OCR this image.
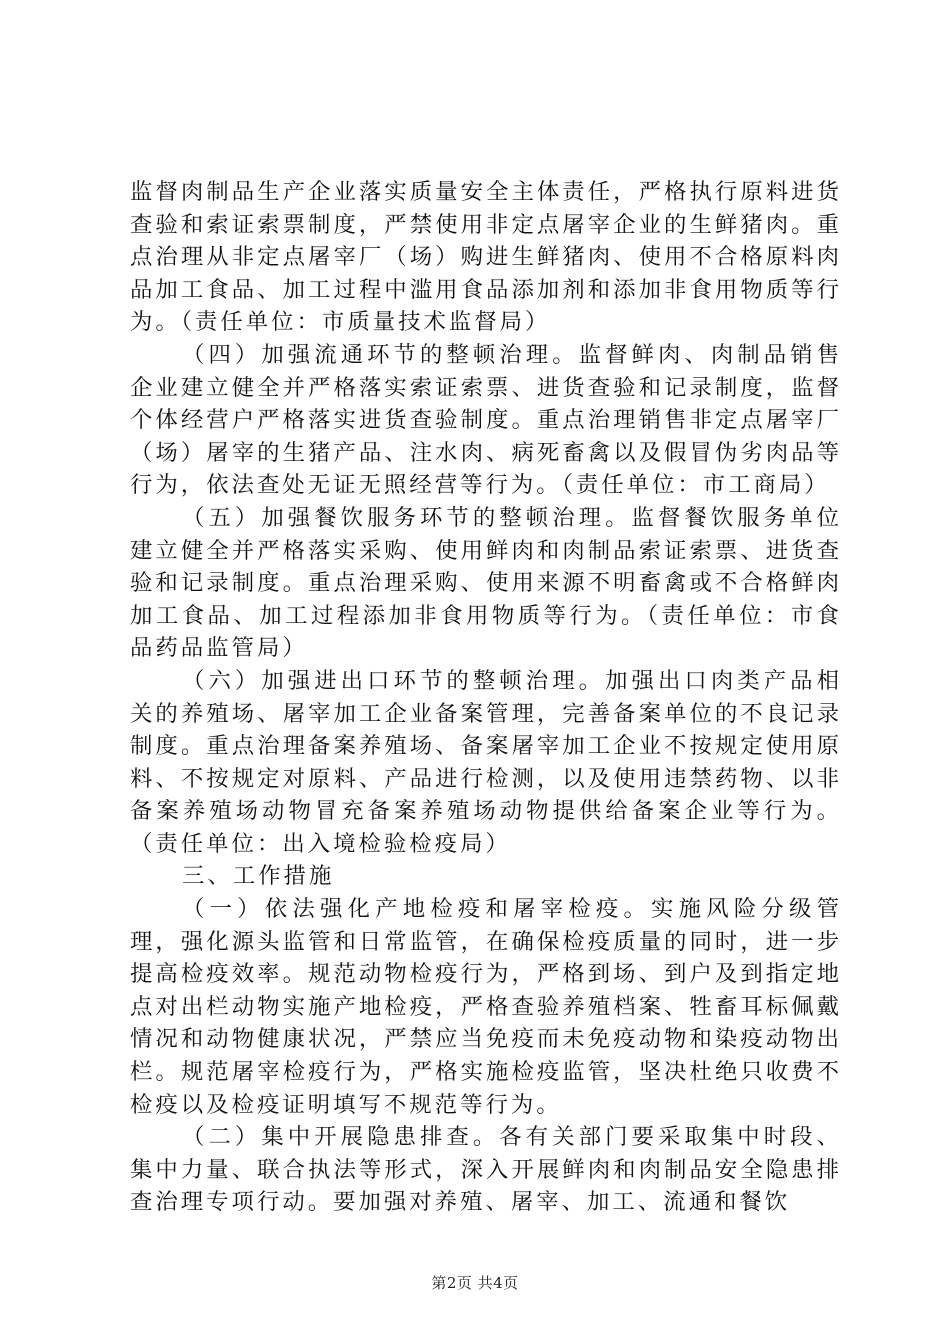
监督肉制品生产企业落实质量安全主体责任，严格执行原料进货查验和索证索票制度，严禁使用非定点屠宰企业的生鲜猪肉。重点治理从非定点屠宰厂（场）购进生鲜猪肉、使用不合格原料肉品加工食品、加工过程中滥用食品添加剂和添加非食用物质等行为。（责任单位：市质量技术监督局）

（四）加强流通环节的整顿治理。监督鲜肉、肉制品销售企业建立健全并严格落实索证索票、进货查验和记录制度，监督个体经营户严格落实进货查验制度。重点治理销售非定点屠宰厂（场）屠宰的生猪产品、注水肉、病死畜禽以及假冒伪劣肉品等行为，依法查处无证无照经营等行为。（责任单位：市工商局）

（五）加强餐饮服务环节的整顿治理。监督餐饮服务单位建立健全并严格落实采购、使用鲜肉和肉制品索证索票、进货查验和记录制度。重点治理采购、使用来源不明畜禽或不合格鲜肉加工食品、加工过程添加非食用物质等行为。（责任单位：市食品药品监管局）

（六）加强进出口环节的整顿治理。加强出口肉类产品相关的养殖场、屠宰加工企业备案管理，完善备案单位的不良记录制度。重点治理备案养殖场、备案屠宰加工企业不按规定使用原料、不按规定对原料、产品进行检测，以及使用违禁药物、以非备案养殖场动物冒充备案养殖场动物提供给备案企业等行为。（责任单位：出入境检验检疫局）

三、工作措施

（一）依法强化产地检疫和屠宰检疫。实施风险分级管理，强化源头监管和日常监管，在确保检疫质量的同时，进一步提高检疫效率。规范动物检疫行为，严格到场、到户及到指定地点对出栏动物实施产地检疫，严格查验养殖档案、牲畜耳标佩戴情况和动物健康状况，严禁应当免疫而未免疫动物和染疫动物出栏。规范屠宰检疫行为，严格实施检疫监管，坚决杜绝只收费不检疫以及检疫证明填写不规范等行为。

（二）集中开展隐患排查。各有关部门要采取集中时段、集中力量、联合执法等形式，深入开展鲜肉和肉制品安全隐患排查治理专项行动。要加强对养殖、屠宰、加工、流通和餐饮

第2页 共4页
